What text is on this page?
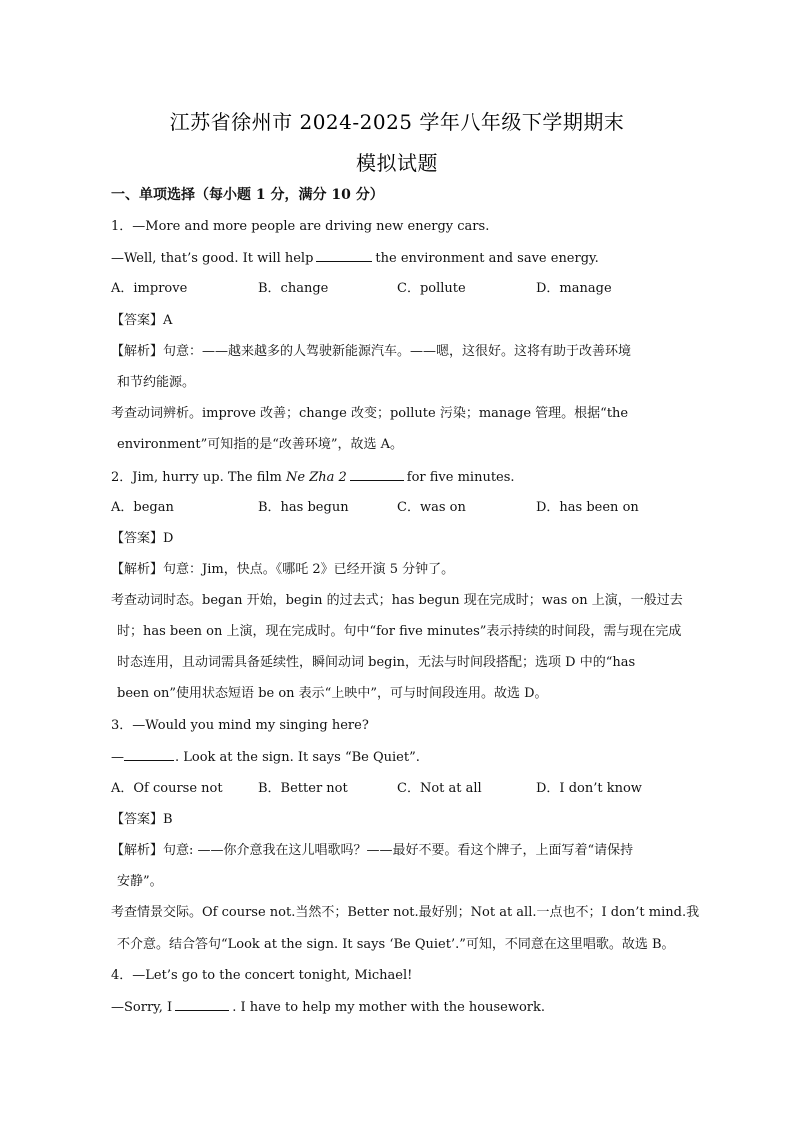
江苏省徐州市 2024-2025 学年八年级下学期期末
模拟试题
一、单项选择（每小题 1 分，满分 10 分）
1．—More and more people are driving new energy cars.
—Well, that’s good. It will help	the environment and save energy.
A．improve	B．change	C．pollute	D．manage
【答案】A
【解析】句意：——越来越多的人驾驶新能源汽车。——嗯，这很好。这将有助于改善环境
和节约能源。
考查动词辨析。improve 改善；change 改变；pollute 污染；manage 管理。根据“the
environment”可知指的是“改善环境”，故选 A。
2．Jim, hurry up. The film Ne Zha 2	for five minutes.
A．began	B．has begun	C．was on	D．has been on
【答案】D
【解析】句意：Jim，快点。《哪吒 2》已经开演 5 分钟了。
考查动词时态。began 开始，begin 的过去式；has begun 现在完成时；was on 上演，一般过去
时；has been on 上演，现在完成时。句中“for five minutes”表示持续的时间段，需与现在完成
时态连用，且动词需具备延续性，瞬间动词 begin，无法与时间段搭配；选项 D 中的“has
been on”使用状态短语 be on 表示“上映中”，可与时间段连用。故选 D。
3．—Would you mind my singing here?
—	. Look at the sign. It says “Be Quiet”.
A．Of course not	B．Better not	C．Not at all	D．I don’t know
【答案】B
【解析】句意: ——你介意我在这儿唱歌吗？——最好不要。看这个牌子，上面写着“请保持
安静”。
考查情景交际。Of course not.当然不；Better not.最好别；Not at all.一点也不；I don’t mind.我
不介意。结合答句“Look at the sign. It says ‘Be Quiet’.”可知，不同意在这里唱歌。故选 B。
4．—Let’s go to the concert tonight, Michael!
—Sorry, I	. I have to help my mother with the housework.
